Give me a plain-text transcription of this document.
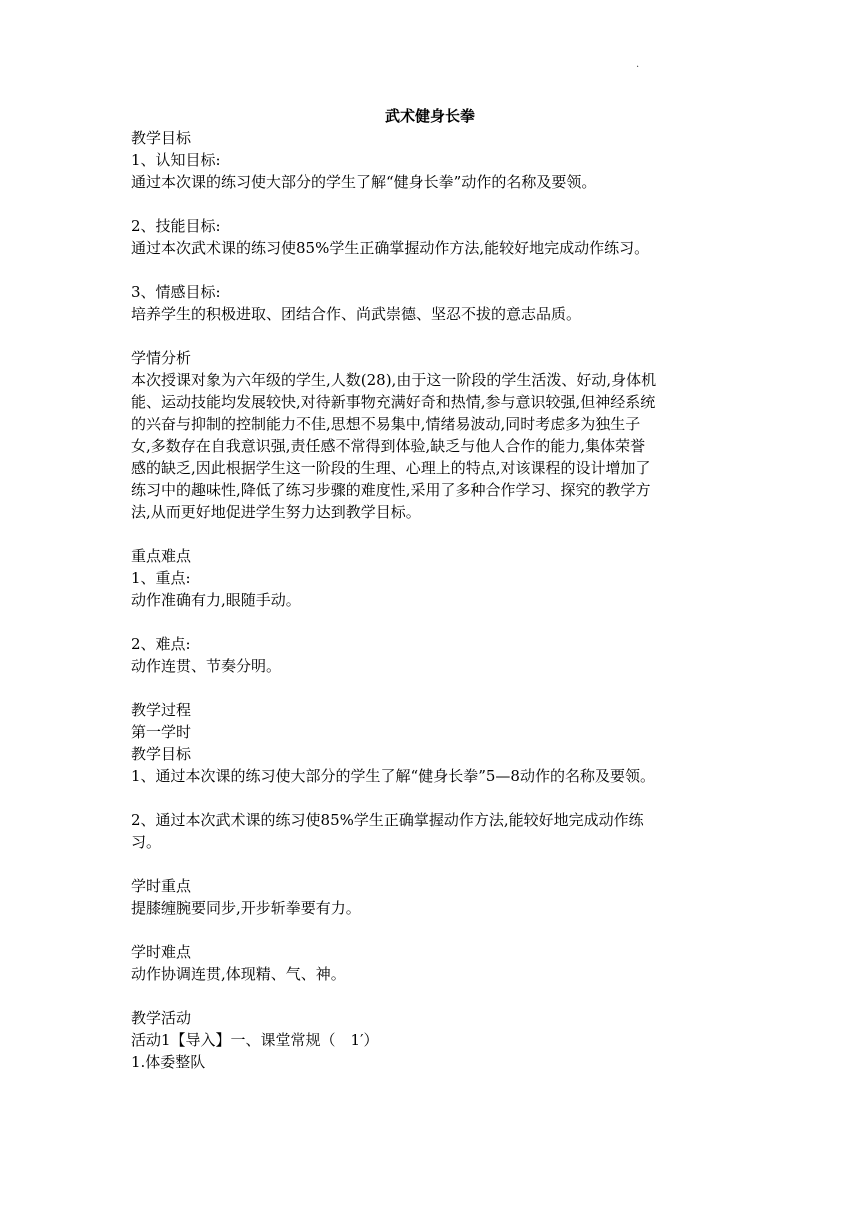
.
武术健身长拳

教学目标

1、认知目标:

通过本次课的练习使大部分的学生了解“健身长拳”动作的名称及要领。

2、技能目标:

通过本次武术课的练习使85%学生正确掌握动作方法,能较好地完成动作练习。

3、情感目标:

培养学生的积极进取、团结合作、尚武崇德、坚忍不拔的意志品质。

学情分析

本次授课对象为六年级的学生,人数(28),由于这一阶段的学生活泼、好动,身体机

能、运动技能均发展较快,对待新事物充满好奇和热情,参与意识较强,但神经系统

的兴奋与抑制的控制能力不佳,思想不易集中,情绪易波动,同时考虑多为独生子

女,多数存在自我意识强,责任感不常得到体验,缺乏与他人合作的能力,集体荣誉

感的缺乏,因此根据学生这一阶段的生理、心理上的特点,对该课程的设计增加了

练习中的趣味性,降低了练习步骤的难度性,采用了多种合作学习、探究的教学方

法,从而更好地促进学生努力达到教学目标。

重点难点

1、重点:

动作准确有力,眼随手动。

2、难点:

动作连贯、节奏分明。

教学过程

第一学时

教学目标

1、通过本次课的练习使大部分的学生了解“健身长拳”5—8动作的名称及要领。

2、通过本次武术课的练习使85%学生正确掌握动作方法,能较好地完成动作练

习。

学时重点

提膝缠腕要同步,开步斩拳要有力。

学时难点

动作协调连贯,体现精、气、神。

教学活动

活动1【导入】一、课堂常规（　1′）

1.体委整队
